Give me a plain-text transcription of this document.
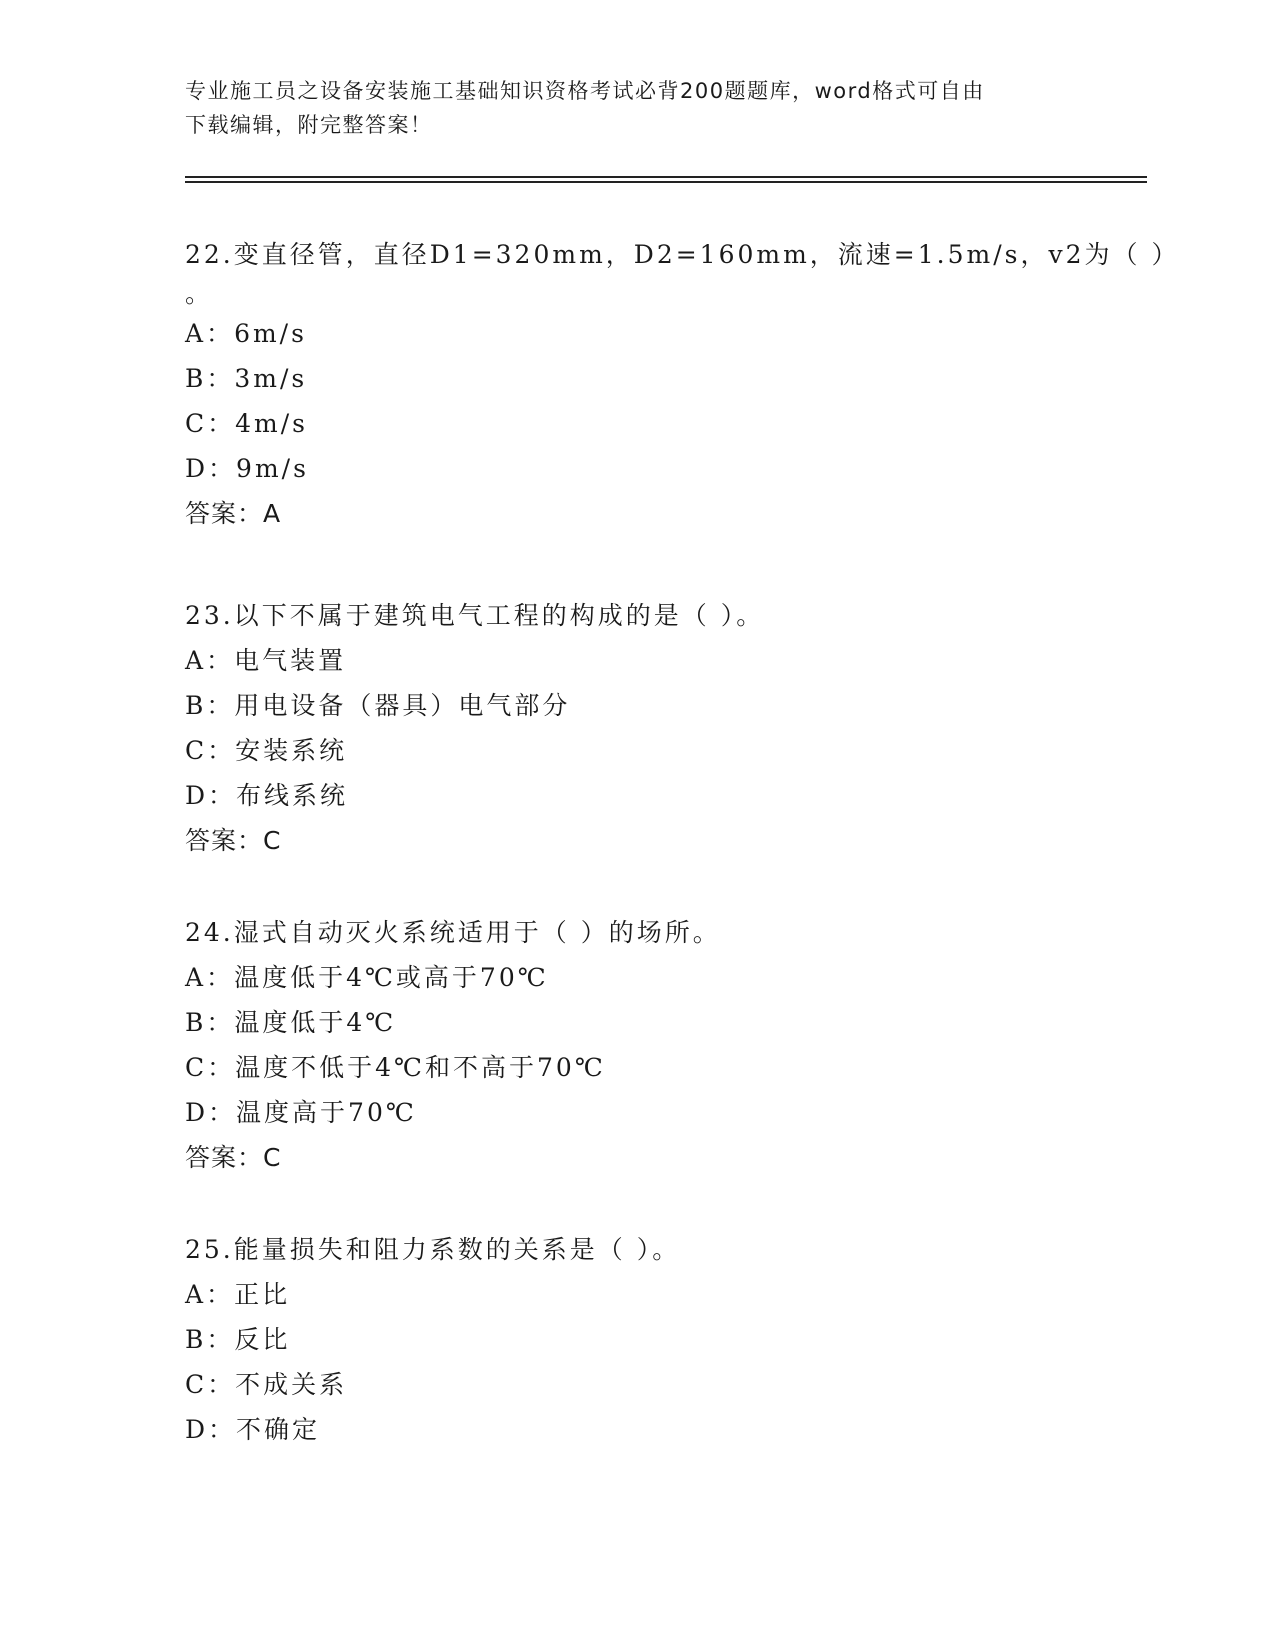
专业施工员之设备安装施工基础知识资格考试必背200题题库，word格式可自由
下载编辑，附完整答案！
22.变直径管，直径D1=320mm，D2=160mm，流速=1.5m/s，v2为（ ）
。
A：6m/s
B：3m/s
C：4m/s
D：9m/s
答案：A
23.以下不属于建筑电气工程的构成的是（ ）。
A：电气装置
B：用电设备（器具）电气部分
C：安装系统
D：布线系统
答案：C
24.湿式自动灭火系统适用于（ ）的场所。
A：温度低于4℃或高于70℃
B：温度低于4℃
C：温度不低于4℃和不高于70℃
D：温度高于70℃
答案：C
25.能量损失和阻力系数的关系是（ ）。
A：正比
B：反比
C：不成关系
D：不确定
